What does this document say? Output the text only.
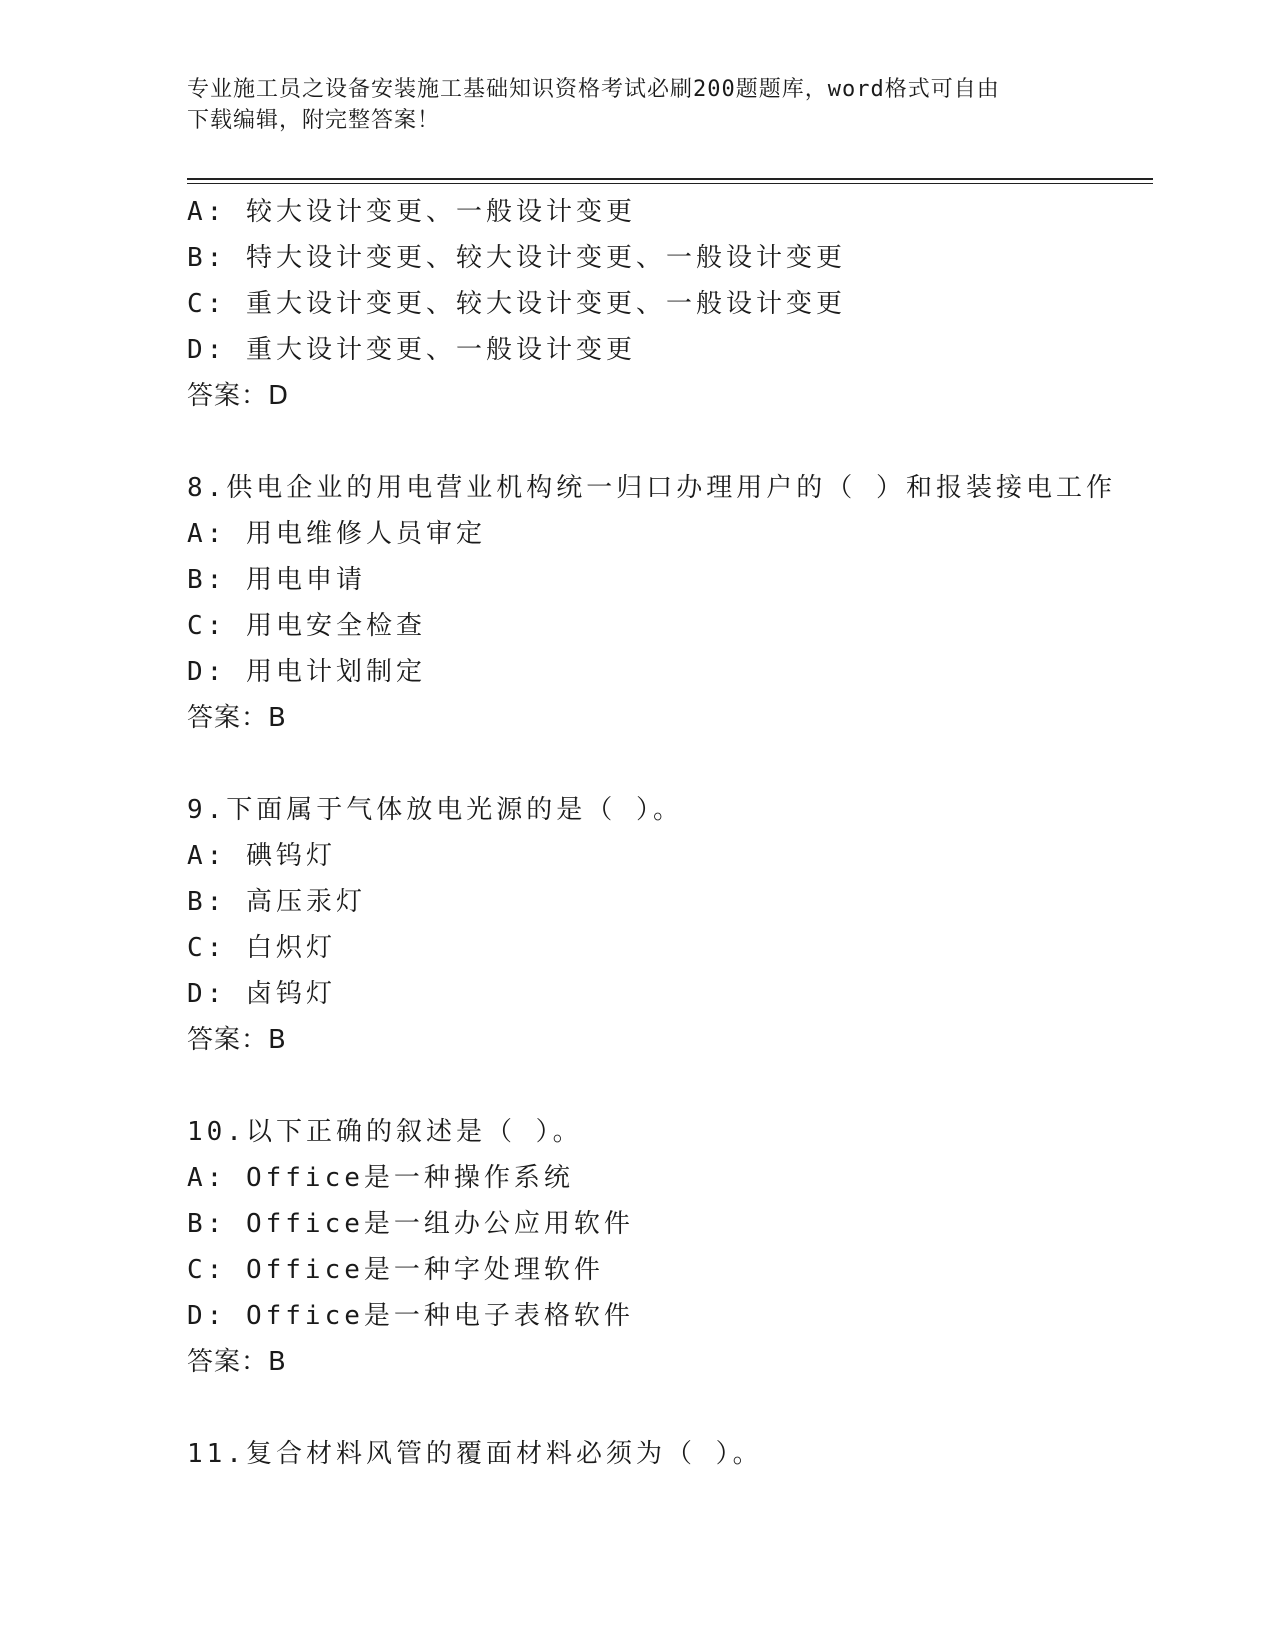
专业施工员之设备安装施工基础知识资格考试必刷200题题库，word格式可自由
下载编辑，附完整答案！
A: 较大设计变更、一般设计变更
B: 特大设计变更、较大设计变更、一般设计变更
C: 重大设计变更、较大设计变更、一般设计变更
D: 重大设计变更、一般设计变更
答案：D
8.供电企业的用电营业机构统一归口办理用户的（ ）和报装接电工作
A: 用电维修人员审定
B: 用电申请
C: 用电安全检查
D: 用电计划制定
答案：B
9.下面属于气体放电光源的是（ ）。
A: 碘钨灯
B: 高压汞灯
C: 白炽灯
D: 卤钨灯
答案：B
10.以下正确的叙述是（ ）。
A: Office是一种操作系统
B: Office是一组办公应用软件
C: Office是一种字处理软件
D: Office是一种电子表格软件
答案：B
11.复合材料风管的覆面材料必须为（ ）。
